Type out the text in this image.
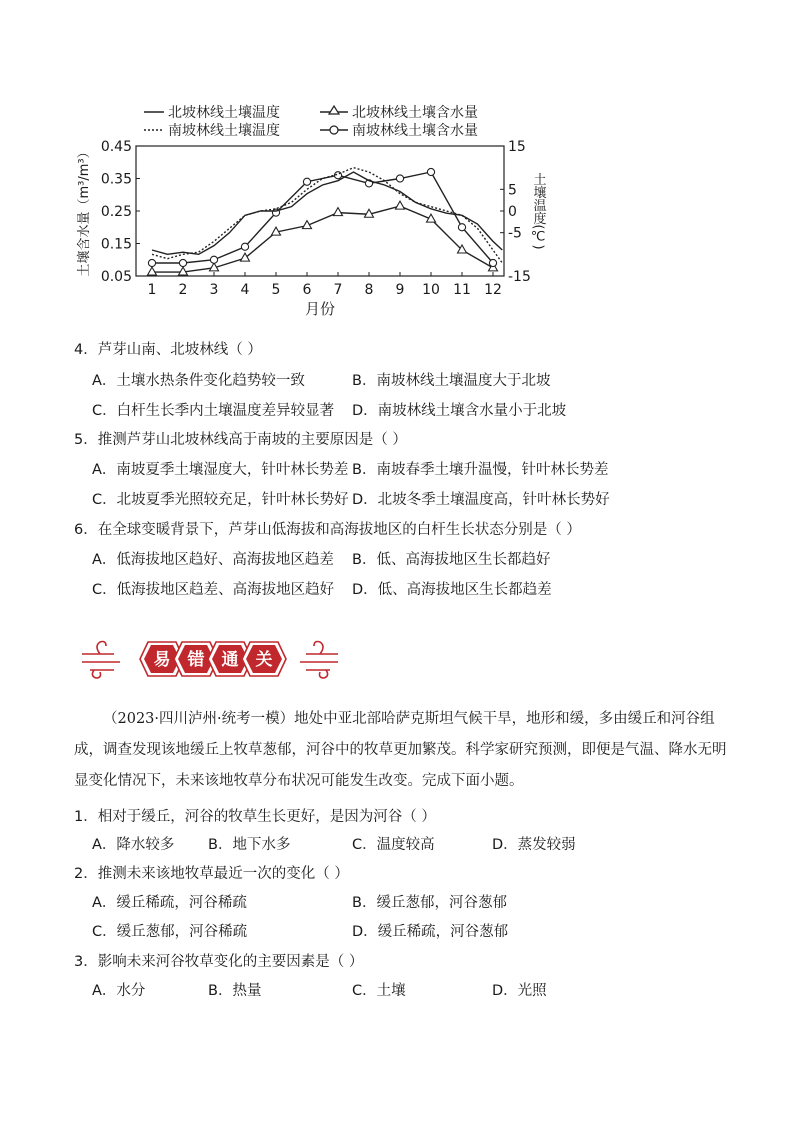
北坡林线土壤温度	北坡林线土壤含水量
南坡林线土壤温度	南坡林线土壤含水量
土壤含水量（m³/m³）	土壤温度(℃)
月份
1 2 3 4 5 6 7 8 9 10 11 12
0.45
0.35
0.25
0.15
0.05
15
5
0
-5
-15
4．芦芽山南、北坡林线（ ）
A．土壤水热条件变化趋势较一致	B．南坡林线土壤温度大于北坡
C．白杆生长季内土壤温度差异较显著 D．南坡林线土壤含水量小于北坡
5．推测芦芽山北坡林线高于南坡的主要原因是（ ）
A．南坡夏季土壤湿度大，针叶林长势差 B．南坡春季土壤升温慢，针叶林长势差
C．北坡夏季光照较充足，针叶林长势好 D．北坡冬季土壤温度高，针叶林长势好
6．在全球变暖背景下，芦芽山低海拔和高海拔地区的白杆生长状态分别是（ ）
A．低海拔地区趋好、高海拔地区趋差 B．低、高海拔地区生长都趋好
C．低海拔地区趋差、高海拔地区趋好 D．低、高海拔地区生长都趋差
易 错 通 关
（2023·四川泸州·统考一模）地处中亚北部哈萨克斯坦气候干旱，地形和缓，多由缓丘和河谷组成，调查发现该地缓丘上牧草葱郁，河谷中的牧草更加繁茂。科学家研究预测，即便是气温、降水无明显变化情况下，未来该地牧草分布状况可能发生改变。完成下面小题。
1．相对于缓丘，河谷的牧草生长更好，是因为河谷（ ）
A．降水较多 B．地下水多	C．温度较高	D．蒸发较弱
2．推测未来该地牧草最近一次的变化（ ）
A．缓丘稀疏，河谷稀疏	B．缓丘葱郁，河谷葱郁
C．缓丘葱郁，河谷稀疏	D．缓丘稀疏，河谷葱郁
3．影响未来河谷牧草变化的主要因素是（ ）
A．水分	B．热量	C．土壤	D．光照
